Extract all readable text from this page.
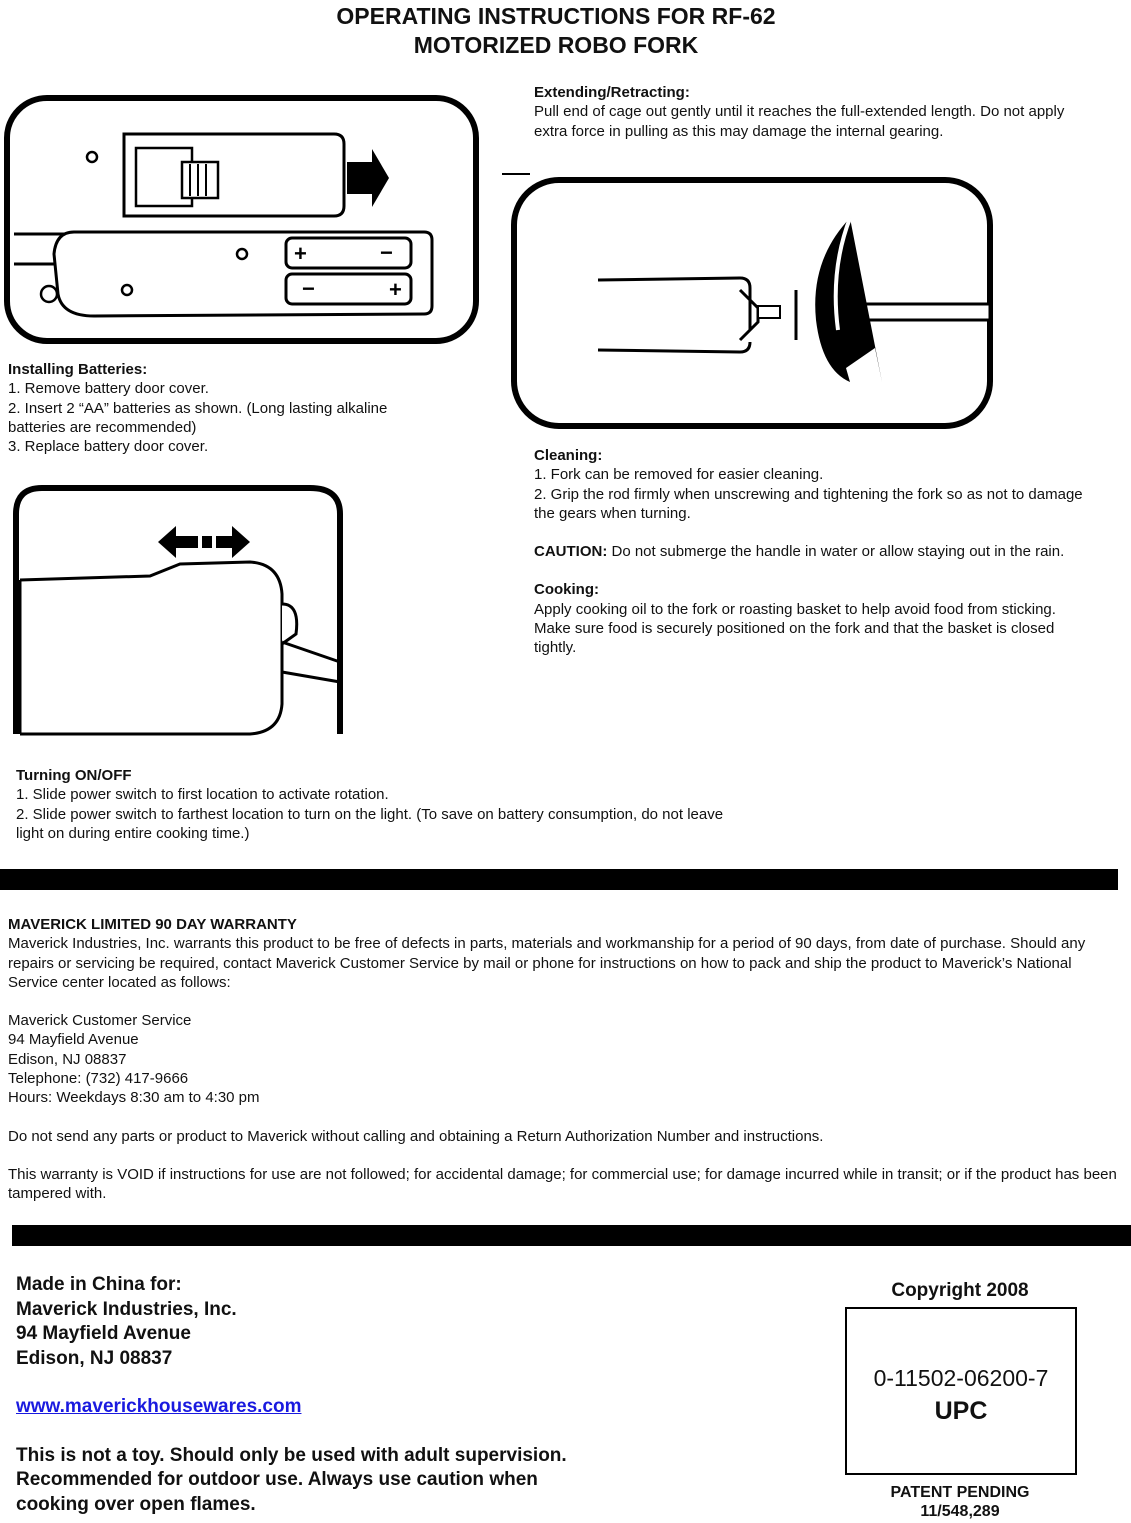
OPERATING INSTRUCTIONS FOR RF-62
MOTORIZED ROBO FORK
+	−
−	+
Extending/Retracting:
Pull end of cage out gently until it reaches the full-extended length. Do not apply extra force in pulling as this may damage the internal gearing.
Installing Batteries:
1. Remove battery door cover.
2. Insert 2 “AA” batteries as shown. (Long lasting alkaline batteries are recommended)
3. Replace battery door cover.
Cleaning:
1. Fork can be removed for easier cleaning.
2. Grip the rod firmly when unscrewing and tightening the fork so as not to damage the gears when turning.
CAUTION: Do not submerge the handle in water or allow staying out in the rain.
Cooking:
Apply cooking oil to the fork or roasting basket to help avoid food from sticking. Make sure food is securely positioned on the fork and that the basket is closed tightly.
Turning ON/OFF
1. Slide power switch to first location to activate rotation.
2. Slide power switch to farthest location to turn on the light. (To save on battery consumption, do not leave light on during entire cooking time.)
MAVERICK LIMITED 90 DAY WARRANTY
Maverick Industries, Inc. warrants this product to be free of defects in parts, materials and workmanship for a period of 90 days, from date of purchase. Should any repairs or servicing be required, contact Maverick Customer Service by mail or phone for instructions on how to pack and ship the product to Maverick’s National Service center located as follows:
Maverick Customer Service
94 Mayfield Avenue
Edison, NJ 08837
Telephone: (732) 417-9666
Hours: Weekdays 8:30 am to 4:30 pm
Do not send any parts or product to Maverick without calling and obtaining a Return Authorization Number and instructions.
This warranty is VOID if instructions for use are not followed; for accidental damage; for commercial use; for damage incurred while in transit; or if the product has been tampered with.
Made in China for:
Maverick Industries, Inc.
94 Mayfield Avenue
Edison, NJ 08837
www.maverickhousewares.com
This is not a toy. Should only be used with adult supervision. Recommended for outdoor use. Always use caution when cooking over open flames.
Copyright 2008
0-11502-06200-7
UPC
PATENT PENDING
11/548,289
